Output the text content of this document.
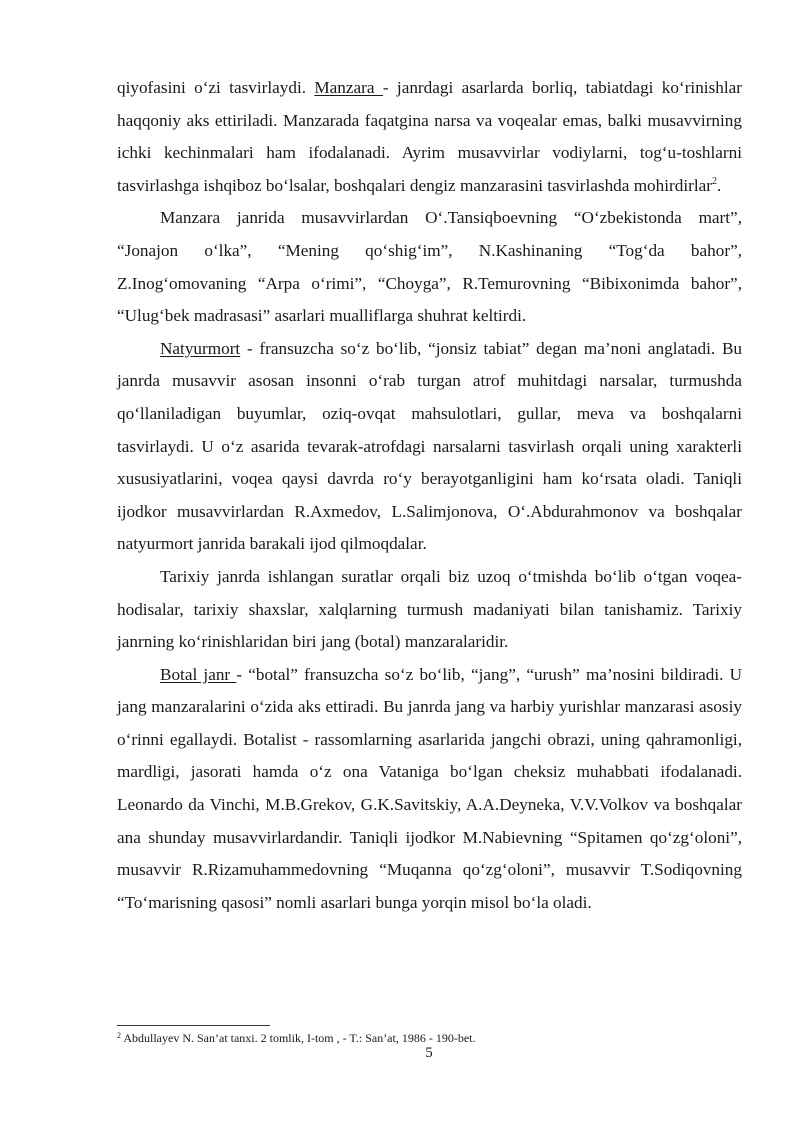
qiyofasini o‘zi tasvirlaydi. Manzara - janrdagi asarlarda borliq, tabiatdagi ko‘rinishlar haqqoniy aks ettiriladi. Manzarada faqatgina narsa va voqealar emas, balki musavvirning ichki kechinmalari ham ifodalanadi. Ayrim musavvirlar vodiylarni, tog‘u-toshlarni tasvirlashga ishqiboz bo‘lsalar, boshqalari dengiz manzarasini tasvirlashda mohirdirlar$^2$.

Manzara janrida musavvirlardan O‘.Tansiqboevning “O‘zbekistonda mart”, “Jonajon o‘lka”, “Mening qo‘shig‘im”, N.Kashinaning “Tog‘da bahor”, Z.Inog‘omovaning “Arpa o‘rimi”, “Choyga”, R.Temurovning “Bibixonimda bahor”, “Ulug‘bek madrasasi” asarlari mualliflarga shuhrat keltirdi.

Natyurmort - fransuzcha so‘z bo‘lib, “jonsiz tabiat” degan ma’noni anglatadi. Bu janrda musavvir asosan insonni o‘rab turgan atrof muhitdagi narsalar, turmushda qo‘llaniladigan buyumlar, oziq-ovqat mahsulotlari, gullar, meva va boshqalarni tasvirlaydi. U o‘z asarida tevarak-atrofdagi narsalarni tasvirlash orqali uning xarakterli xususiyatlarini, voqea qaysi davrda ro‘y berayotganligini ham ko‘rsata oladi. Taniqli ijodkor musavvirlardan R.Axmedov, L.Salimjonova, O‘.Abdurahmonov va boshqalar natyurmort janrida barakali ijod qilmoqdalar.

Tarixiy janrda ishlangan suratlar orqali biz uzoq o‘tmishda bo‘lib o‘tgan voqea-hodisalar, tarixiy shaxslar, xalqlarning turmush madaniyati bilan tanishamiz. Tarixiy janrning ko‘rinishlaridan biri jang (botal) manzaralaridir.

Botal janr - “botal” fransuzcha so‘z bo‘lib, “jang”, “urush” ma’nosini bildiradi. U jang manzaralarini o‘zida aks ettiradi. Bu janrda jang va harbiy yurishlar manzarasi asosiy o‘rinni egallaydi. Botalist - rassomlarning asarlarida jangchi obrazi, uning qahramonligi, mardligi, jasorati hamda o‘z ona Vataniga bo‘lgan cheksiz muhabbati ifodalanadi. Leonardo da Vinchi, M.B.Grekov, G.K.Savitskiy, A.A.Deyneka, V.V.Volkov va boshqalar ana shunday musavvirlardandir. Taniqli ijodkor M.Nabievning “Spitamen qo‘zg‘oloni”, musavvir R.Rizamuhammedovning “Muqanna qo‘zg‘oloni”, musavvir T.Sodiqovning “To‘marisning qasosi” nomli asarlari bunga yorqin misol bo‘la oladi.

$^2$ Abdullayev N. San’at tanxi. 2 tomlik, I-tom , - T.: San’at, 1986 - 190-bet.
5
